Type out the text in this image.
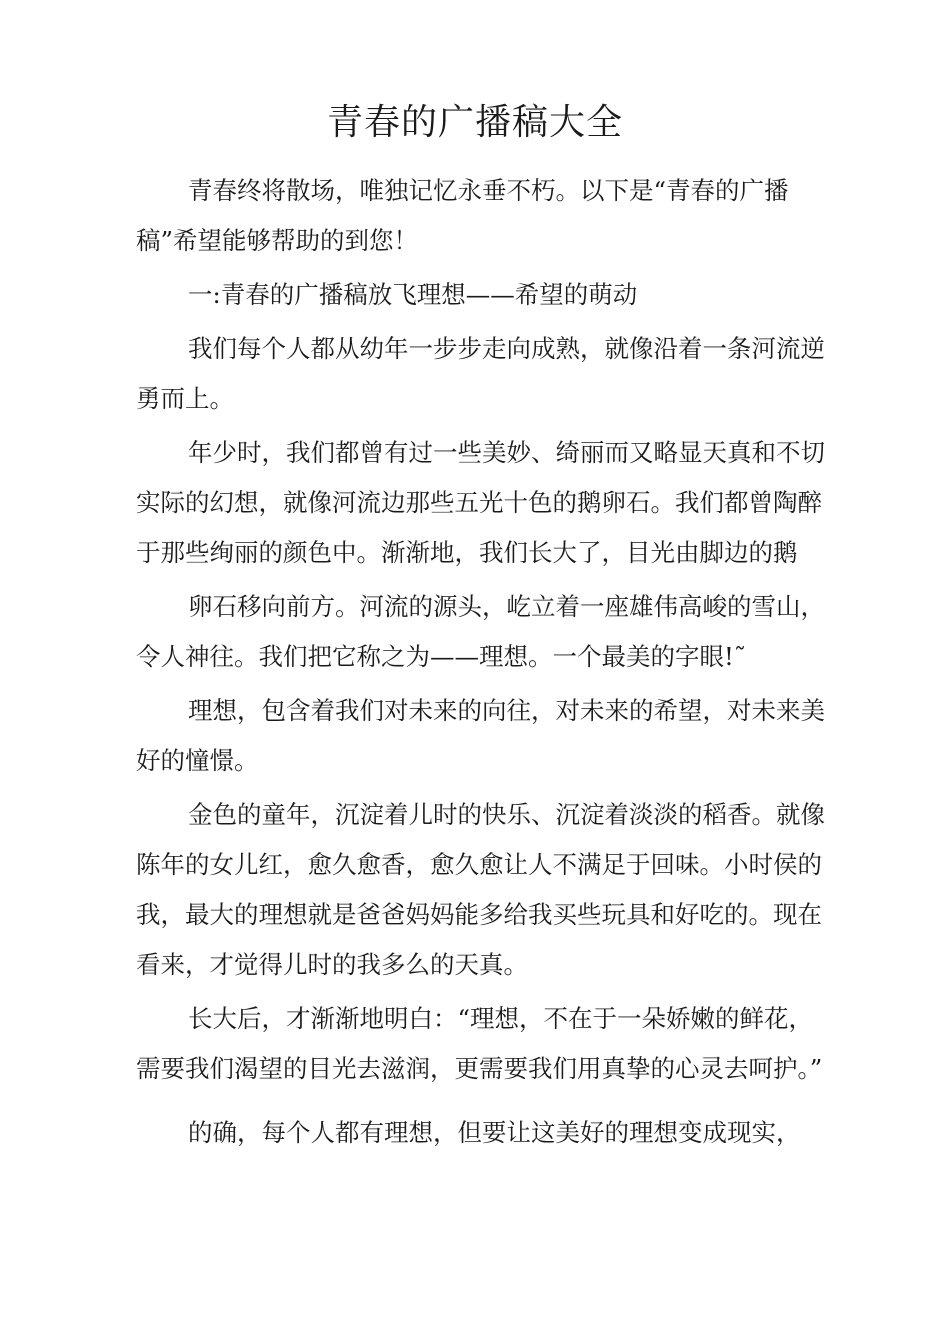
青春的广播稿大全

青春终将散场，唯独记忆永垂不朽。以下是“青春的广播稿”希望能够帮助的到您！

一:青春的广播稿放飞理想——希望的萌动

我们每个人都从幼年一步步走向成熟，就像沿着一条河流逆勇而上。

年少时，我们都曾有过一些美妙、绮丽而又略显天真和不切实际的幻想，就像河流边那些五光十色的鹅卵石。我们都曾陶醉于那些绚丽的颜色中。渐渐地，我们长大了，目光由脚边的鹅

卵石移向前方。河流的源头，屹立着一座雄伟高峻的雪山，令人神往。我们把它称之为——理想。一个最美的字眼!˜

理想，包含着我们对未来的向往，对未来的希望，对未来美好的憧憬。

金色的童年，沉淀着儿时的快乐、沉淀着淡淡的稻香。就像陈年的女儿红，愈久愈香，愈久愈让人不满足于回味。小时侯的我，最大的理想就是爸爸妈妈能多给我买些玩具和好吃的。现在看来，才觉得儿时的我多么的天真。

长大后，才渐渐地明白：“理想，不在于一朵娇嫩的鲜花，需要我们渴望的目光去滋润，更需要我们用真挚的心灵去呵护。”

的确，每个人都有理想，但要让这美好的理想变成现实，
